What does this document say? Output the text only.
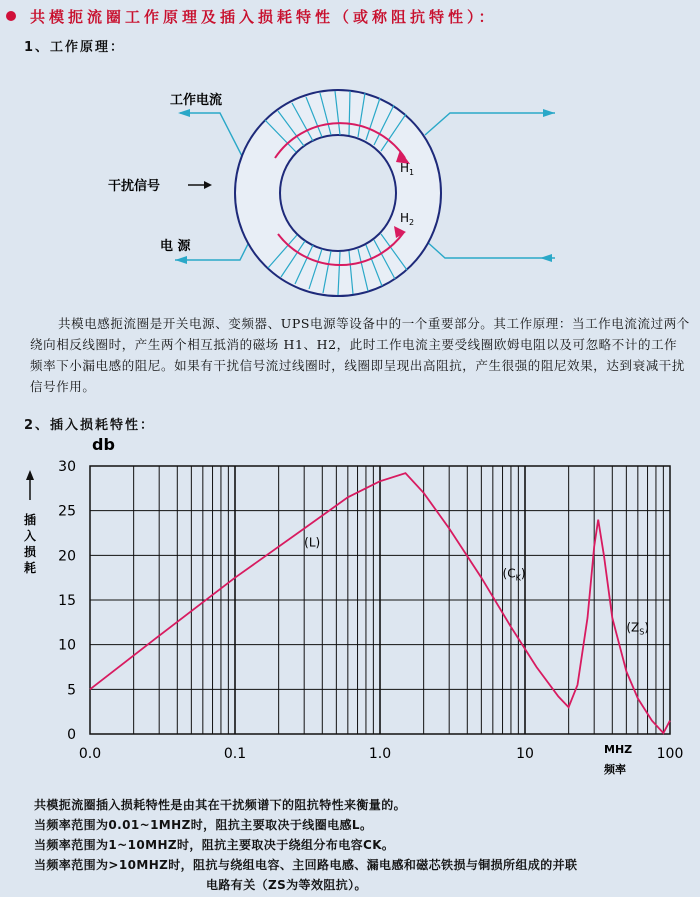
共模扼流圈工作原理及插入损耗特性（或称阻抗特性）：
1、工作原理：
工作电流
干扰信号
电 源
$H_1$
$H_2$
共模电感扼流圈是开关电源、变频器、UPS电源等设备中的一个重要部分。其工作原理：当工作电流流过两个绕向相反线圈时，产生两个相互抵消的磁场 H1、H2，此时工作电流主要受线圈欧姆电阻以及可忽略不计的工作频率下小漏电感的阻尼。如果有干扰信号流过线圈时，线圈即呈现出高阻抗，产生很强的阻尼效果，达到衰减干扰信号作用。
2、插入损耗特性：
db
插入损耗
0
5
10
15
20
25
30
0.0	0.1	1.0	10	100
(L)
$(C_K)$
$(Z_S)$
MHZ
频率
共模扼流圈插入损耗特性是由其在干扰频谱下的阻抗特性来衡量的。
当频率范围为0.01~1MHZ时，阻抗主要取决于线圈电感L。
当频率范围为1~10MHZ时，阻抗主要取决于绕组分布电容CK。
当频率范围为>10MHZ时，阻抗与绕组电容、主回路电感、漏电感和磁芯铁损与铜损所组成的并联
电路有关（ZS为等效阻抗）。
